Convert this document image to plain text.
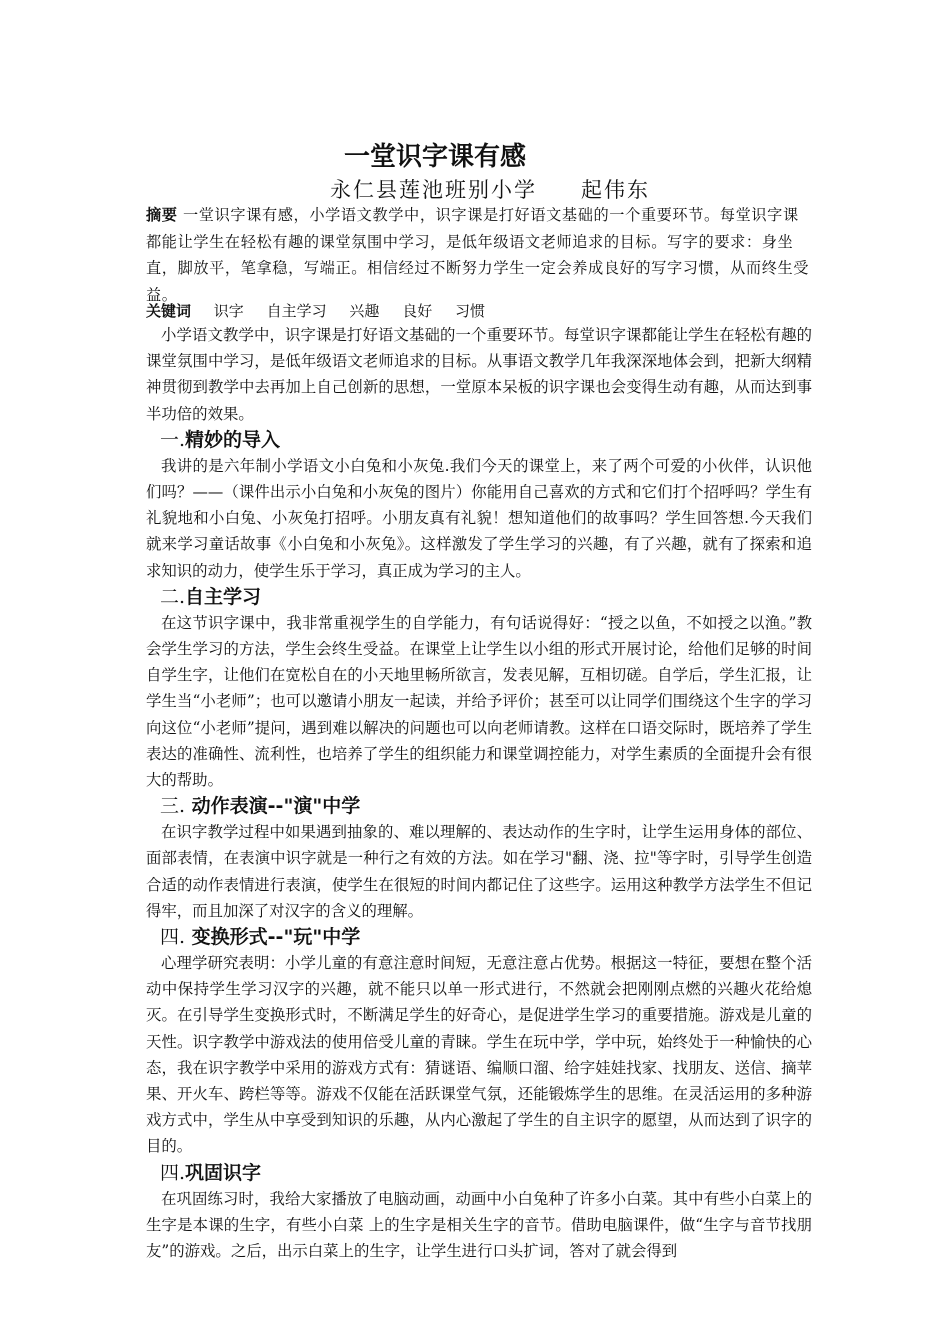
一堂识字课有感
永仁县莲池班别小学 起伟东
摘要 一堂识字课有感，小学语文教学中，识字课是打好语文基础的一个重要环节。每堂识字课都能让学生在轻松有趣的课堂氛围中学习，是低年级语文老师追求的目标。写字的要求：身坐直，脚放平，笔拿稳，写端正。相信经过不断努力学生一定会养成良好的写字习惯，从而终生受益。
关键词 识字 自主学习 兴趣 良好 习惯

小学语文教学中，识字课是打好语文基础的一个重要环节。每堂识字课都能让学生在轻松有趣的课堂氛围中学习，是低年级语文老师追求的目标。从事语文教学几年我深深地体会到，把新大纲精神贯彻到教学中去再加上自己创新的思想，一堂原本呆板的识字课也会变得生动有趣，从而达到事半功倍的效果。

一.精妙的导入

我讲的是六年制小学语文小白兔和小灰兔.我们今天的课堂上，来了两个可爱的小伙伴，认识他们吗？——（课件出示小白兔和小灰兔的图片）你能用自己喜欢的方式和它们打个招呼吗？学生有礼貌地和小白兔、小灰兔打招呼。小朋友真有礼貌！想知道他们的故事吗？学生回答想.今天我们就来学习童话故事《小白兔和小灰兔》。这样激发了学生学习的兴趣，有了兴趣，就有了探索和追求知识的动力，使学生乐于学习，真正成为学习的主人。

二.自主学习

在这节识字课中，我非常重视学生的自学能力，有句话说得好：“授之以鱼，不如授之以渔。”教会学生学习的方法，学生会终生受益。在课堂上让学生以小组的形式开展讨论，给他们足够的时间自学生字，让他们在宽松自在的小天地里畅所欲言，发表见解，互相切磋。自学后，学生汇报，让学生当“小老师”；也可以邀请小朋友一起读，并给予评价；甚至可以让同学们围绕这个生字的学习向这位“小老师”提问，遇到难以解决的问题也可以向老师请教。这样在口语交际时，既培养了学生表达的准确性、流利性，也培养了学生的组织能力和课堂调控能力，对学生素质的全面提升会有很大的帮助。

三. 动作表演--"演"中学

在识字教学过程中如果遇到抽象的、难以理解的、表达动作的生字时，让学生运用身体的部位、面部表情，在表演中识字就是一种行之有效的方法。如在学习"翻、浇、拉"等字时，引导学生创造合适的动作表情进行表演，使学生在很短的时间内都记住了这些字。运用这种教学方法学生不但记得牢，而且加深了对汉字的含义的理解。

四. 变换形式--"玩"中学

心理学研究表明：小学儿童的有意注意时间短，无意注意占优势。根据这一特征，要想在整个活动中保持学生学习汉字的兴趣，就不能只以单一形式进行，不然就会把刚刚点燃的兴趣火花给熄灭。在引导学生变换形式时，不断满足学生的好奇心，是促进学生学习的重要措施。游戏是儿童的天性。识字教学中游戏法的使用倍受儿童的青睐。学生在玩中学，学中玩，始终处于一种愉快的心态，我在识字教学中采用的游戏方式有：猜谜语、编顺口溜、给字娃娃找家、找朋友、送信、摘苹果、开火车、跨栏等等。游戏不仅能在活跃课堂气氛，还能锻炼学生的思维。在灵活运用的多种游戏方式中，学生从中享受到知识的乐趣，从内心激起了学生的自主识字的愿望，从而达到了识字的目的。

四.巩固识字

在巩固练习时，我给大家播放了电脑动画，动画中小白兔种了许多小白菜。其中有些小白菜上的生字是本课的生字，有些小白菜 上的生字是相关生字的音节。借助电脑课件，做“生字与音节找朋友”的游戏。之后，出示白菜上的生字，让学生进行口头扩词，答对了就会得到
